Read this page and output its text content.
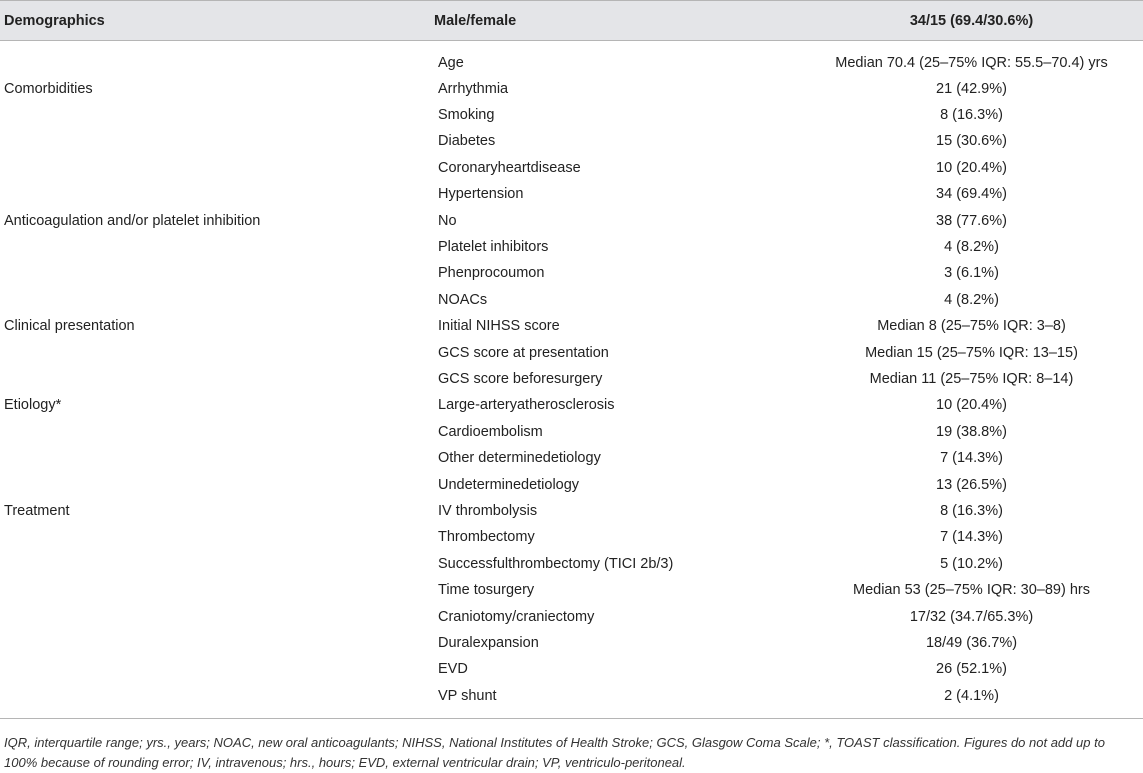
Demographics	Male/female	34/15 (69.4/30.6%)
	Age	Median 70.4 (25–75% IQR: 55.5–70.4) yrs
Comorbidities	Arrhythmia	21 (42.9%)
	Smoking	8 (16.3%)
	Diabetes	15 (30.6%)
	Coronaryheartdisease	10 (20.4%)
	Hypertension	34 (69.4%)
Anticoagulation and/or platelet inhibition	No	38 (77.6%)
	Platelet inhibitors	4 (8.2%)
	Phenprocoumon	3 (6.1%)
	NOACs	4 (8.2%)
Clinical presentation	Initial NIHSS score	Median 8 (25–75% IQR: 3–8)
	GCS score at presentation	Median 15 (25–75% IQR: 13–15)
	GCS score beforesurgery	Median 11 (25–75% IQR: 8–14)
Etiology*	Large-arteryatherosclerosis	10 (20.4%)
	Cardioembolism	19 (38.8%)
	Other determinedetiology	7 (14.3%)
	Undeterminedetiology	13 (26.5%)
Treatment	IV thrombolysis	8 (16.3%)
	Thrombectomy	7 (14.3%)
	Successfulthrombectomy (TICI 2b/3)	5 (10.2%)
	Time tosurgery	Median 53 (25–75% IQR: 30–89) hrs
	Craniotomy/craniectomy	17/32 (34.7/65.3%)
	Duralexpansion	18/49 (36.7%)
	EVD	26 (52.1%)
	VP shunt	2 (4.1%)
IQR, interquartile range; yrs., years; NOAC, new oral anticoagulants; NIHSS, National Institutes of Health Stroke; GCS, Glasgow Coma Scale; *, TOAST classification. Figures do not add up to 100% because of rounding error; IV, intravenous; hrs., hours; EVD, external ventricular drain; VP, ventriculo-peritoneal.
